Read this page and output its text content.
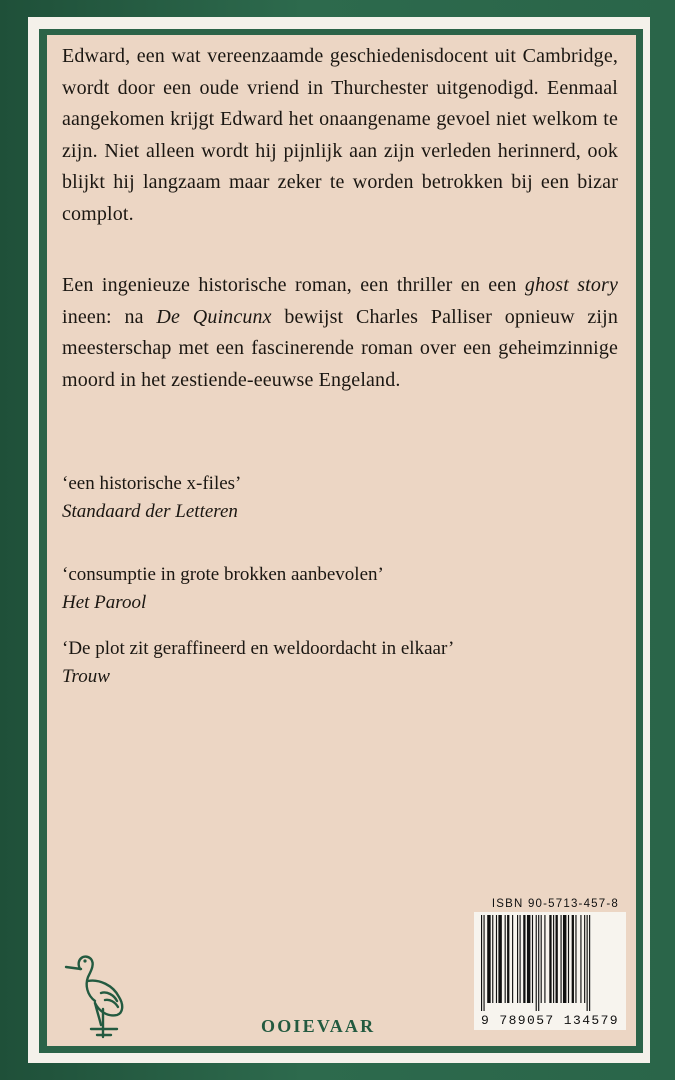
Edward, een wat vereenzaamde geschiedenisdocent uit Cambridge, wordt door een oude vriend in Thurchester uitgenodigd. Eenmaal aangekomen krijgt Edward het onaangename gevoel niet welkom te zijn. Niet alleen wordt hij pijnlijk aan zijn verleden herinnerd, ook blijkt hij langzaam maar zeker te worden betrokken bij een bizar complot.

Een ingenieuze historische roman, een thriller en een ghost story ineen: na De Quincunx bewijst Charles Palliser opnieuw zijn meesterschap met een fascinerende roman over een geheimzinnige moord in het zestiende-eeuwse Engeland.

‘een historische x-files’
Standaard der Letteren
‘consumptie in grote brokken aanbevolen’
Het Parool
‘De plot zit geraffineerd en weldoordacht in elkaar’
Trouw
OOIEVAAR
ISBN 90-5713-457-8
9 789057 134579
